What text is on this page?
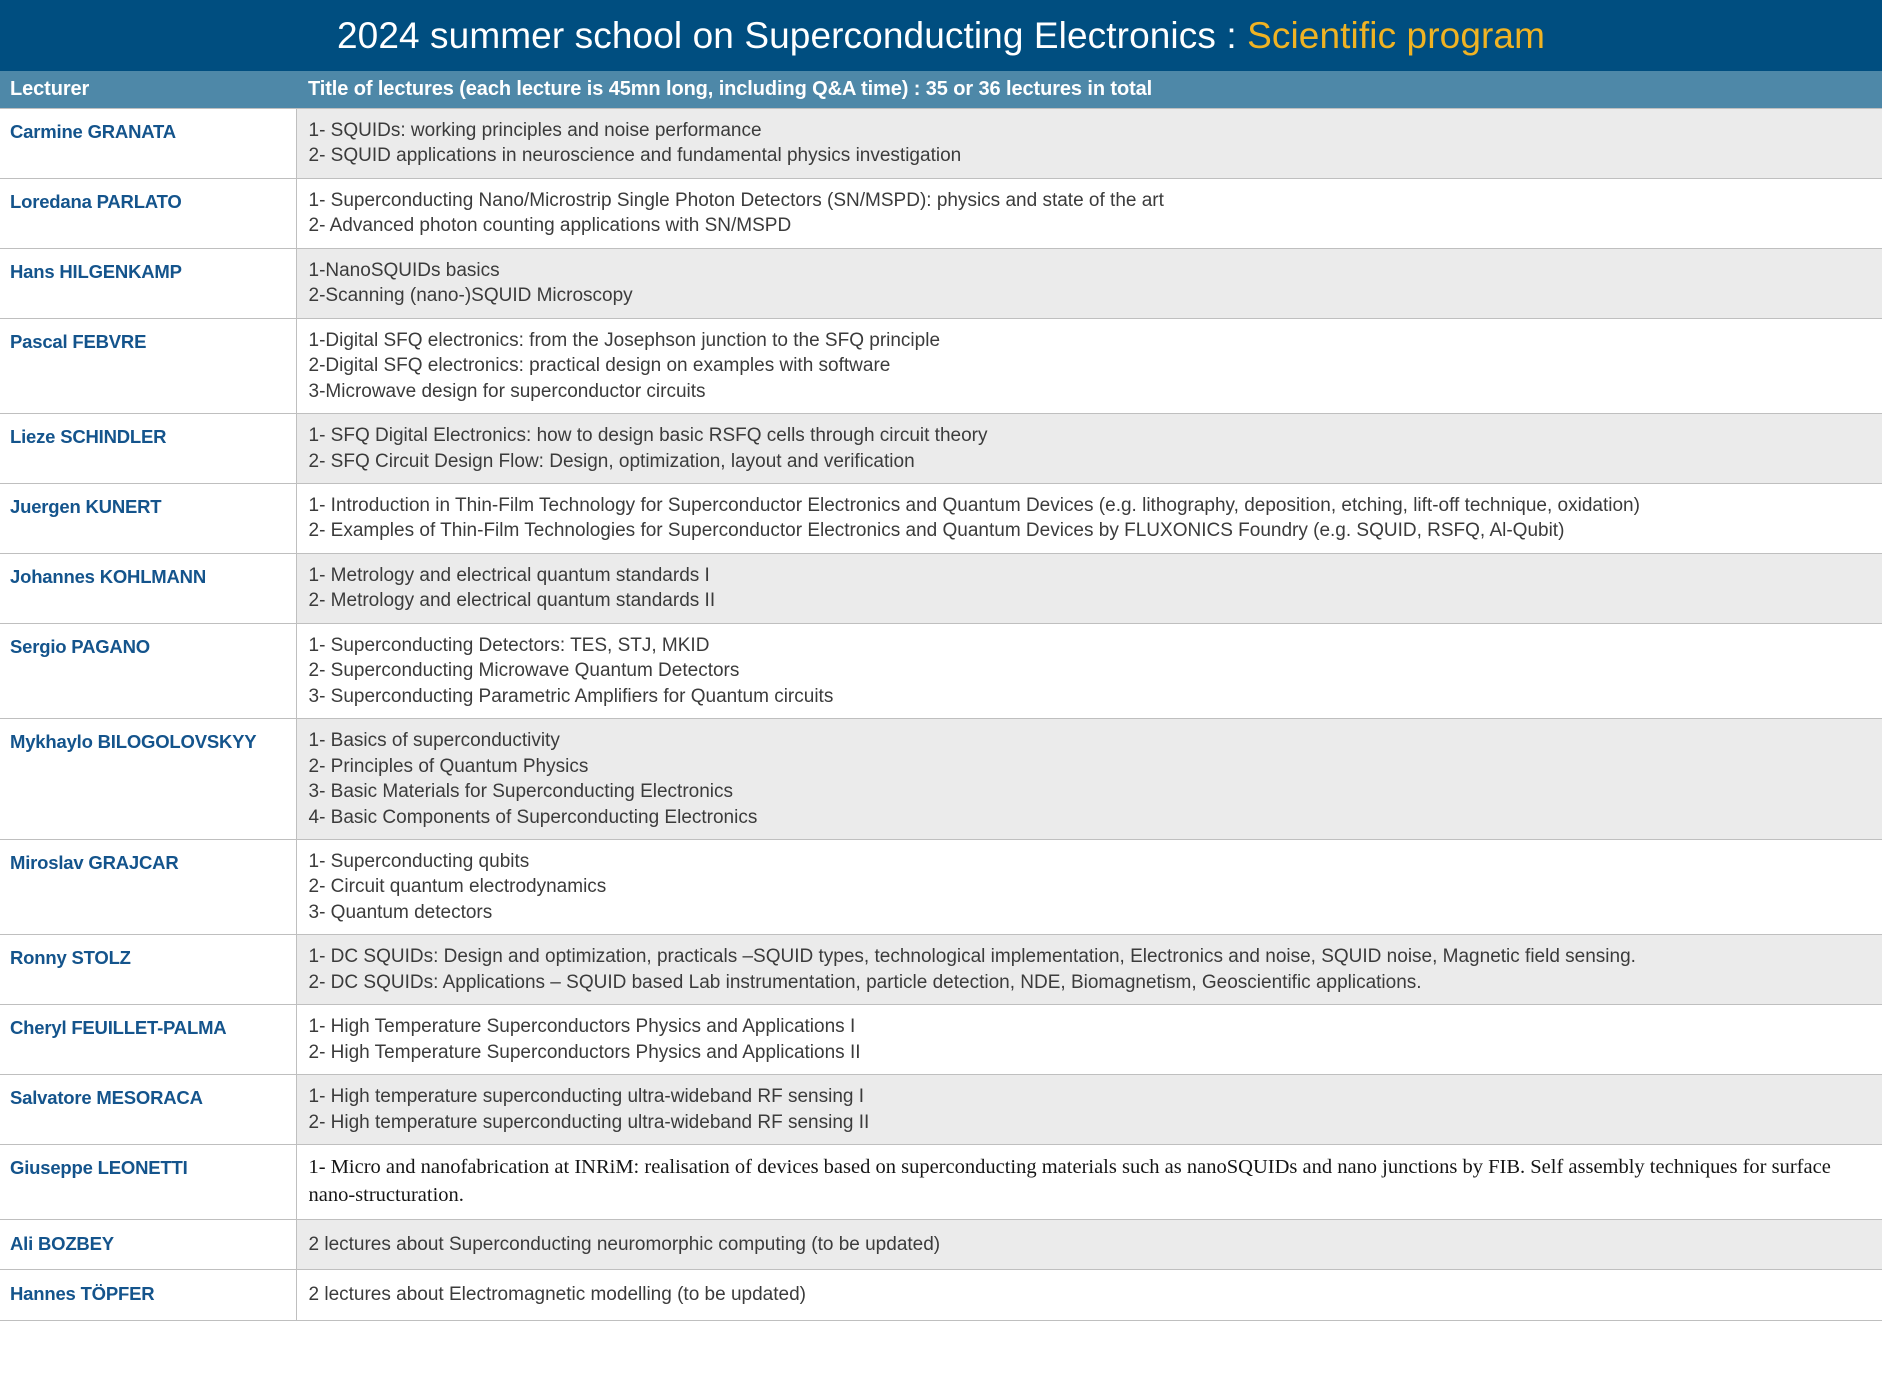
2024 summer school on Superconducting Electronics : Scientific program
Lecturer	Title of lectures (each lecture is 45mn long, including Q&A time) : 35 or 36 lectures in total
Carmine GRANATA	1- SQUIDs: working principles and noise performance
2- SQUID applications in neuroscience and fundamental physics investigation

Loredana PARLATO	1- Superconducting Nano/Microstrip Single Photon Detectors (SN/MSPD): physics and state of the art
2- Advanced photon counting applications with SN/MSPD

Hans HILGENKAMP	1-NanoSQUIDs basics
2-Scanning (nano-)SQUID Microscopy

Pascal FEBVRE	1-Digital SFQ electronics: from the Josephson junction to the SFQ principle
2-Digital SFQ electronics: practical design on examples with software
3-Microwave design for superconductor circuits

Lieze SCHINDLER	1- SFQ Digital Electronics: how to design basic RSFQ cells through circuit theory
2- SFQ Circuit Design Flow: Design, optimization, layout and verification

Juergen KUNERT	1- Introduction in Thin-Film Technology for Superconductor Electronics and Quantum Devices (e.g. lithography, deposition, etching, lift-off technique, oxidation)
2- Examples of Thin-Film Technologies for Superconductor Electronics and Quantum Devices by FLUXONICS Foundry (e.g. SQUID, RSFQ, Al-Qubit)

Johannes KOHLMANN	1- Metrology and electrical quantum standards I
2- Metrology and electrical quantum standards II

Sergio PAGANO	1- Superconducting Detectors: TES, STJ, MKID
2- Superconducting Microwave Quantum Detectors
3- Superconducting Parametric Amplifiers for Quantum circuits

Mykhaylo BILOGOLOVSKYY	1- Basics of superconductivity
2- Principles of Quantum Physics
3- Basic Materials for Superconducting Electronics
4- Basic Components of Superconducting Electronics

Miroslav GRAJCAR	1- Superconducting qubits
2- Circuit quantum electrodynamics
3- Quantum detectors

Ronny STOLZ	1- DC SQUIDs: Design and optimization, practicals –SQUID types, technological implementation, Electronics and noise, SQUID noise, Magnetic field sensing.
2- DC SQUIDs: Applications – SQUID based Lab instrumentation, particle detection, NDE, Biomagnetism, Geoscientific applications.

Cheryl FEUILLET-PALMA	1- High Temperature Superconductors Physics and Applications I
2- High Temperature Superconductors Physics and Applications II

Salvatore MESORACA	1- High temperature superconducting ultra-wideband RF sensing I
2- High temperature superconducting ultra-wideband RF sensing II

Giuseppe LEONETTI	1- Micro and nanofabrication at INRiM: realisation of devices based on superconducting materials such as nanoSQUIDs and nano junctions by FIB. Self assembly techniques for surface nano-structuration.

Ali BOZBEY	2 lectures about Superconducting neuromorphic computing (to be updated)

Hannes TÖPFER	2 lectures about Electromagnetic modelling (to be updated)
